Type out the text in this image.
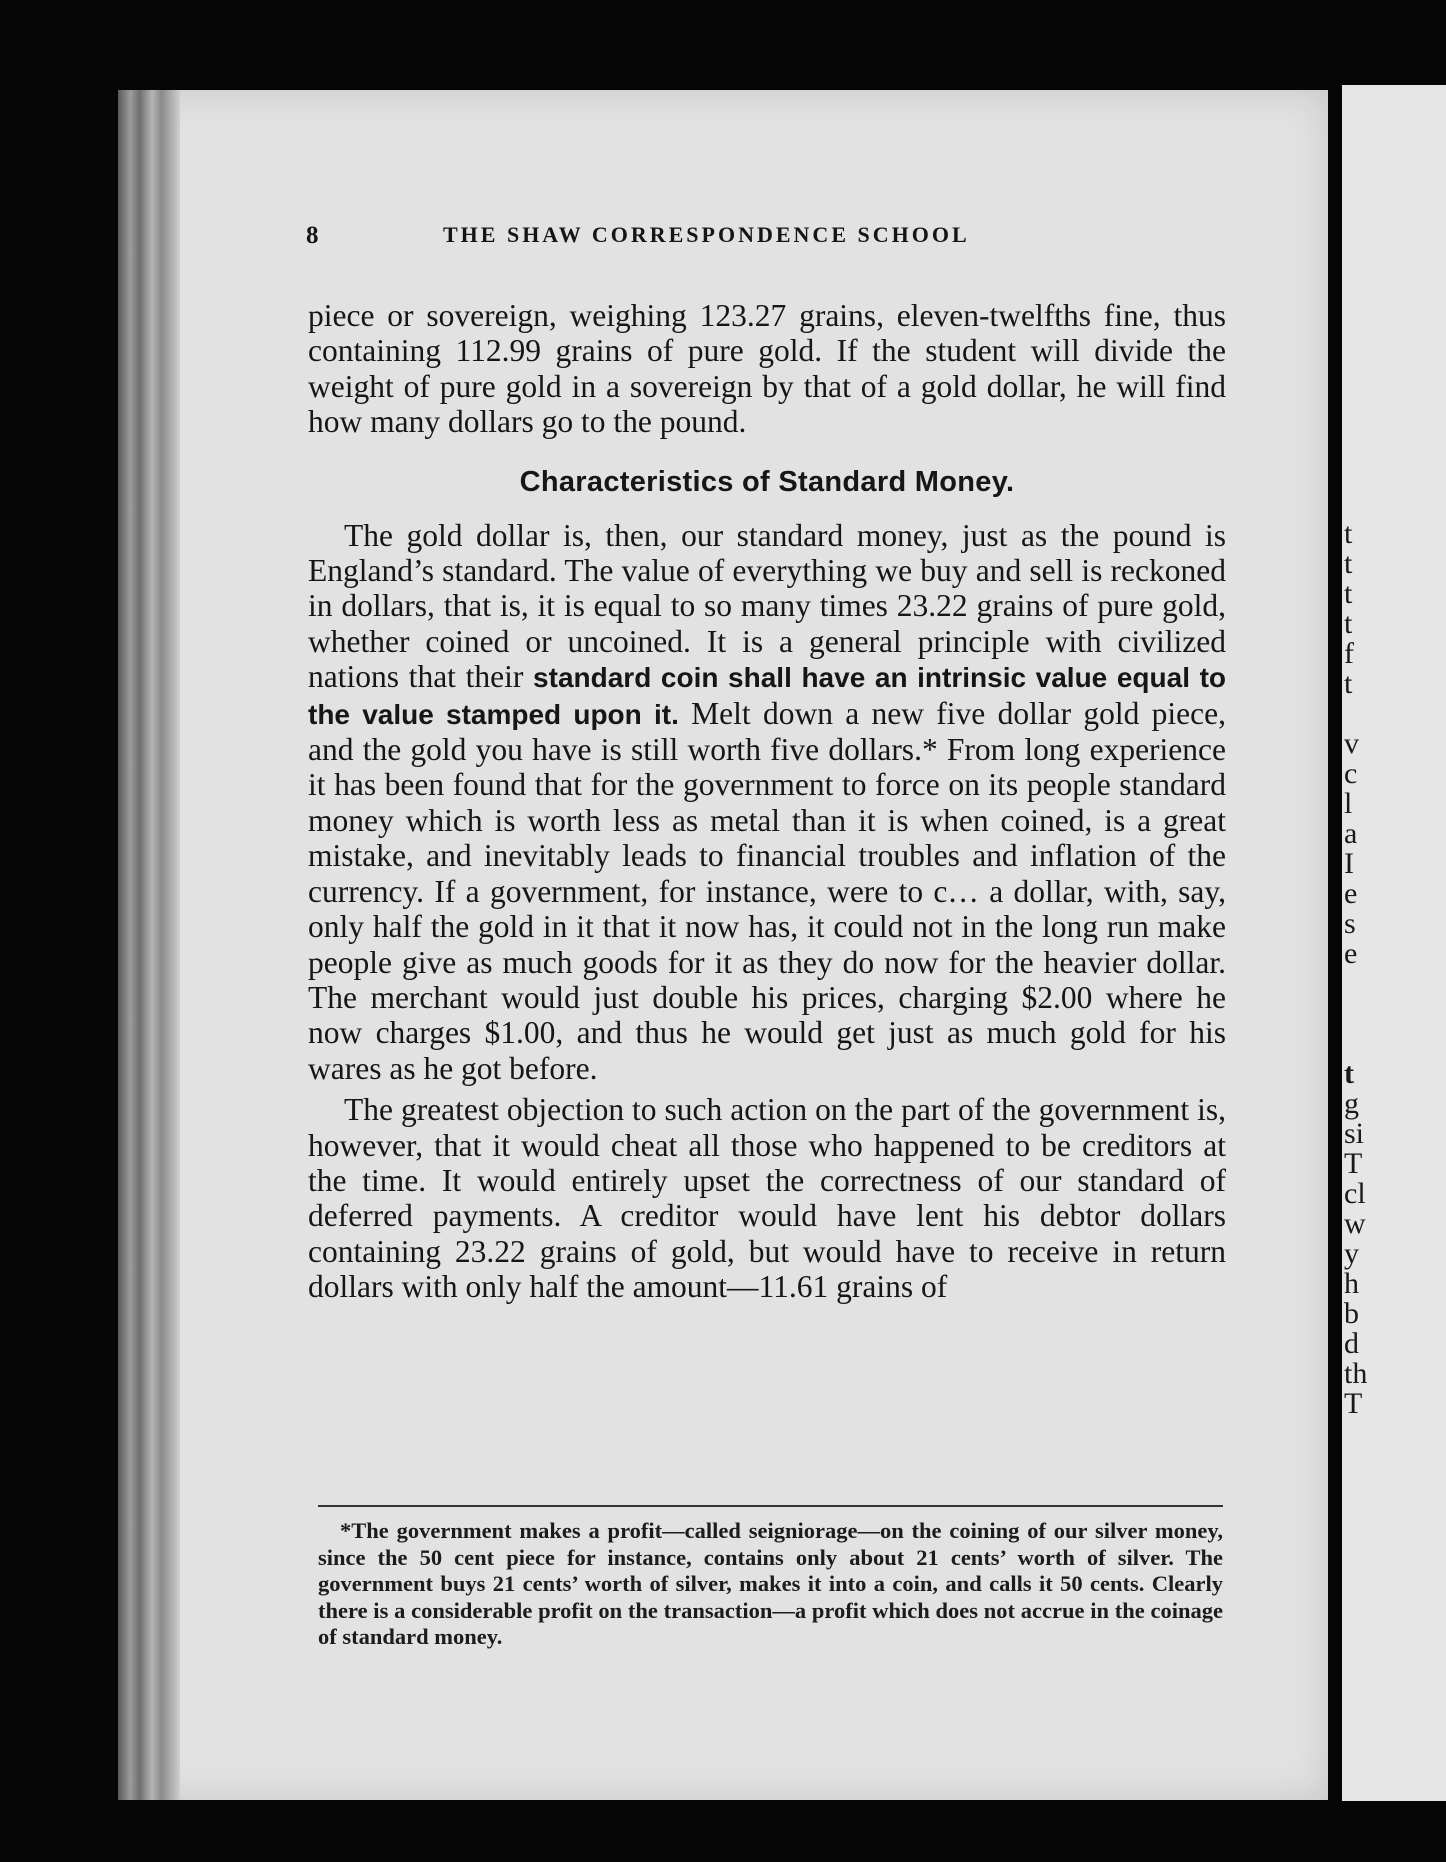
t
t
t
t
f
t
v
c
l
a
I
e
s
e
t
g
si
T
cl
w
y
h
b
d
th
T
8	THE SHAW CORRESPONDENCE SCHOOL

piece or sovereign, weighing 123.27 grains, eleven-twelfths fine, thus containing 112.99 grains of pure gold. If the student will divide the weight of pure gold in a sovereign by that of a gold dollar, he will find how many dollars go to the pound.

Characteristics of Standard Money.

The gold dollar is, then, our standard money, just as the pound is England’s standard. The value of everything we buy and sell is reckoned in dollars, that is, it is equal to so many times 23.22 grains of pure gold, whether coined or uncoined. It is a general principle with civilized nations that their standard coin shall have an intrinsic value equal to the value stamped upon it. Melt down a new five dollar gold piece, and the gold you have is still worth five dollars.* From long experience it has been found that for the government to force on its people standard money which is worth less as metal than it is when coined, is a great mistake, and inevitably leads to financial troubles and inflation of the currency. If a government, for instance, were to c… a dollar, with, say, only half the gold in it that it now has, it could not in the long run make people give as much goods for it as they do now for the heavier dollar. The merchant would just double his prices, charging $2.00 where he now charges $1.00, and thus he would get just as much gold for his wares as he got before.

The greatest objection to such action on the part of the government is, however, that it would cheat all those who happened to be creditors at the time. It would entirely upset the correctness of our standard of deferred payments. A creditor would have lent his debtor dollars containing 23.22 grains of gold, but would have to receive in return dollars with only half the amount—11.61 grains of

*The government makes a profit—called seigniorage—on the coining of our silver money, since the 50 cent piece for instance, contains only about 21 cents’ worth of silver. The government buys 21 cents’ worth of silver, makes it into a coin, and calls it 50 cents. Clearly there is a considerable profit on the transaction—a profit which does not accrue in the coinage of standard money.
